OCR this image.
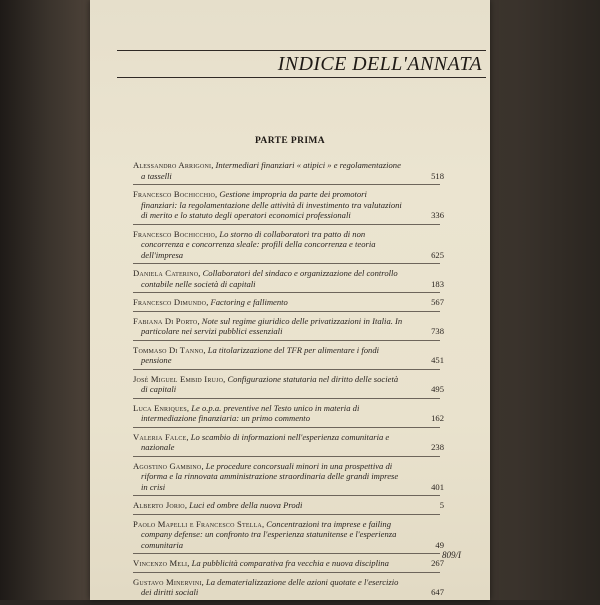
INDICE DELL'ANNATA
PARTE PRIMA
Alessandro Arrigoni, Intermediari finanziari « atipici » e regolamentazione a tasselli	518
Francesco Bochicchio, Gestione impropria da parte dei promotori finanziari: la regolamentazione delle attività di investimento tra valutazioni di merito e lo statuto degli operatori economici professionali	336
Francesco Bochicchio, Lo storno di collaboratori tra patto di non concorrenza e concorrenza sleale: profili della concorrenza e teoria dell'impresa	625
Daniela Caterino, Collaboratori del sindaco e organizzazione del controllo contabile nelle società di capitali	183
Francesco Dimundo, Factoring e fallimento	567
Fabiana Di Porto, Note sul regime giuridico delle privatizzazioni in Italia. In particolare nei servizi pubblici essenziali	738
Tommaso Di Tanno, La titolarizzazione del TFR per alimentare i fondi pensione	451
José Miguel Embid Irujo, Configurazione statutaria nel diritto delle società di capitali	495
Luca Enriques, Le o.p.a. preventive nel Testo unico in materia di intermediazione finanziaria: un primo commento	162
Valeria Falce, Lo scambio di informazioni nell'esperienza comunitaria e nazionale	238
Agostino Gambino, Le procedure concorsuali minori in una prospettiva di riforma e la rinnovata amministrazione straordinaria delle grandi imprese in crisi	401
Alberto Jorio, Luci ed ombre della nuova Prodi	5
Paolo Mapelli e Francesco Stella, Concentrazioni tra imprese e failing company defense: un confronto tra l'esperienza statunitense e l'esperienza comunitaria	49
Vincenzo Meli, La pubblicità comparativa fra vecchia e nuova disciplina	267
Gustavo Minervini, La dematerializzazione delle azioni quotate e l'esercizio dei diritti sociali	647
809/I
